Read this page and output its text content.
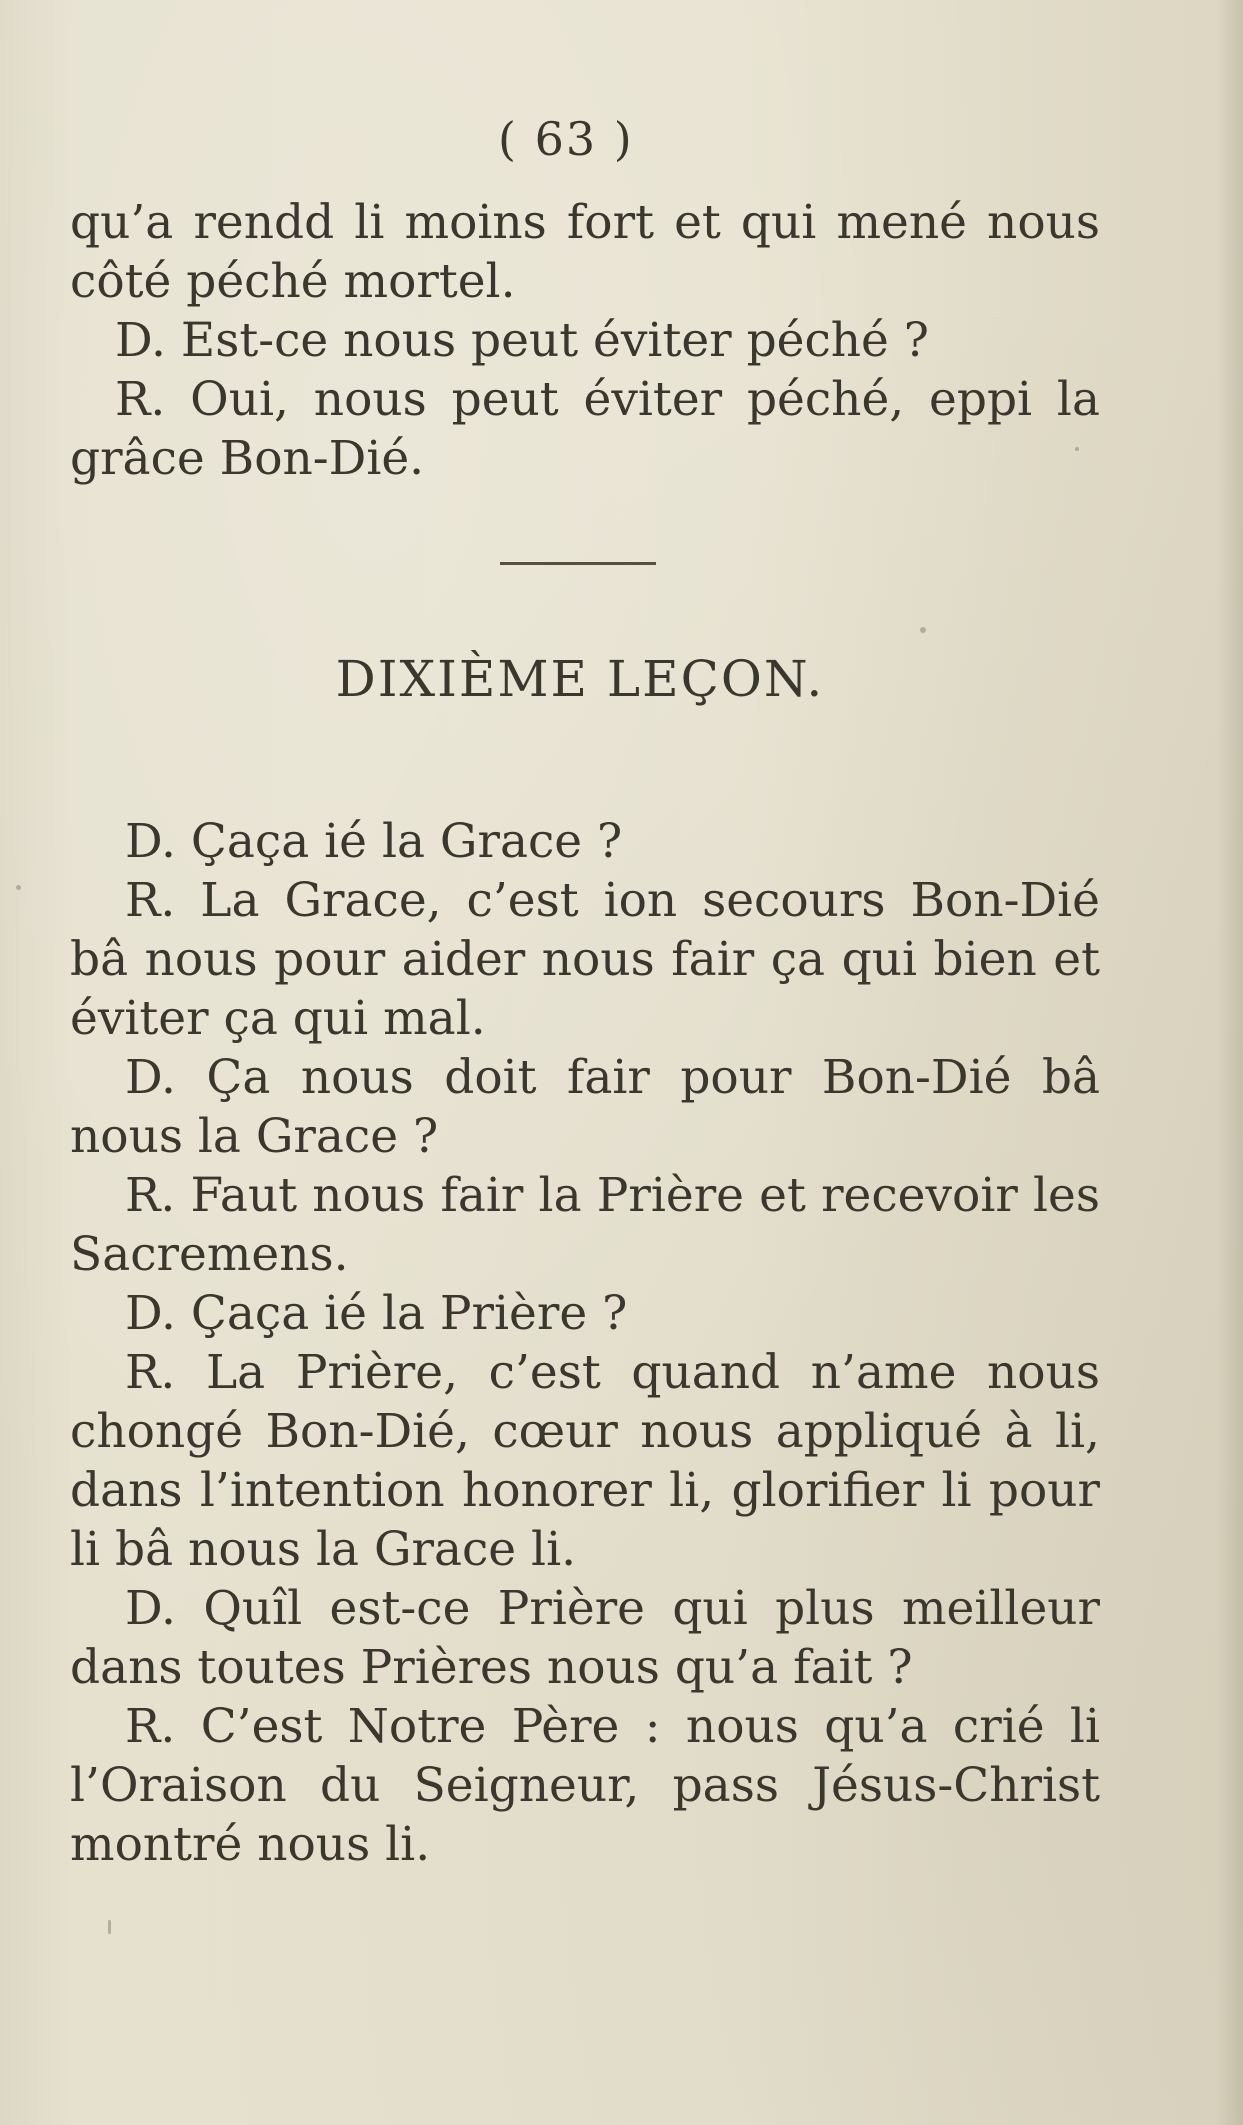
( 63 )

qu’a rendd li moins fort et qui mené nous côté péché mortel.

D. Est-ce nous peut éviter péché ?

R. Oui, nous peut éviter péché, eppi la grâce Bon-Dié.

DIXIÈME LEÇON.

D. Çaça ié la Grace ?

R. La Grace, c’est ion secours Bon-Dié bâ nous pour aider nous fair ça qui bien et éviter ça qui mal.

D. Ça nous doit fair pour Bon-Dié bâ nous la Grace ?

R. Faut nous fair la Prière et recevoir les Sacremens.

D. Çaça ié la Prière ?

R. La Prière, c’est quand n’ame nous chongé Bon-Dié, cœur nous appliqué à li, dans l’intention honorer li, glorifier li pour li bâ nous la Grace li.

D. Quîl est-ce Prière qui plus meilleur dans toutes Prières nous qu’a fait ?

R. C’est Notre Père : nous qu’a crié li l’Oraison du Seigneur, pass Jésus-Christ montré nous li.
